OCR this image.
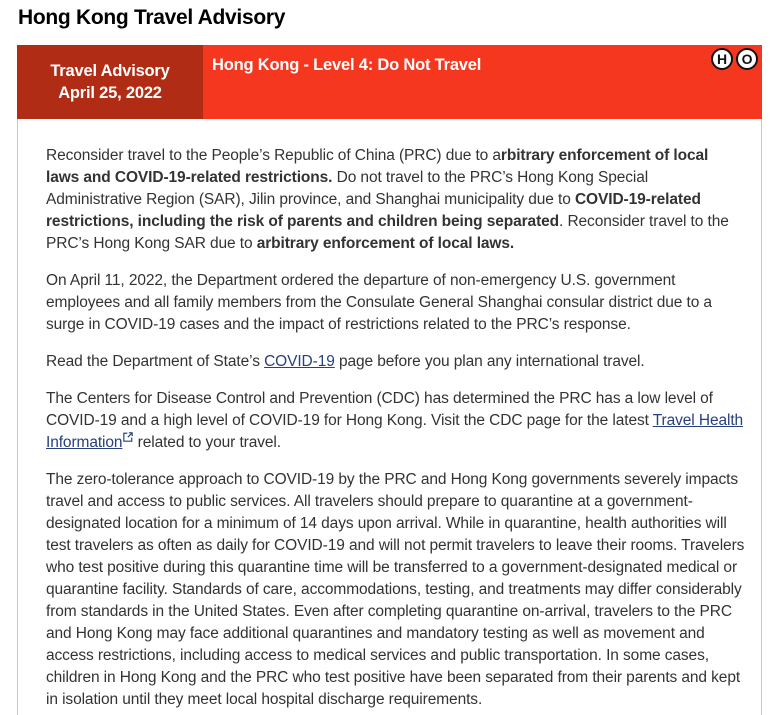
Hong Kong Travel Advisory
Travel Advisory
April 25, 2022
Hong Kong - Level 4: Do Not Travel	H	O

Reconsider travel to the People’s Republic of China (PRC) due to arbitrary enforcement of local laws and COVID-19-related restrictions. Do not travel to the PRC’s Hong Kong Special Administrative Region (SAR), Jilin province, and Shanghai municipality due to COVID-19-related restrictions, including the risk of parents and children being separated. Reconsider travel to the PRC’s Hong Kong SAR due to arbitrary enforcement of local laws.

On April 11, 2022, the Department ordered the departure of non-emergency U.S. government employees and all family members from the Consulate General Shanghai consular district due to a surge in COVID-19 cases and the impact of restrictions related to the PRC’s response.

Read the Department of State’s COVID-19 page before you plan any international travel.

The Centers for Disease Control and Prevention (CDC) has determined the PRC has a low level of COVID-19 and a high level of COVID-19 for Hong Kong. Visit the CDC page for the latest Travel Health Information related to your travel.

The zero-tolerance approach to COVID-19 by the PRC and Hong Kong governments severely impacts travel and access to public services. All travelers should prepare to quarantine at a government-designated location for a minimum of 14 days upon arrival. While in quarantine, health authorities will test travelers as often as daily for COVID-19 and will not permit travelers to leave their rooms. Travelers who test positive during this quarantine time will be transferred to a government-designated medical or quarantine facility. Standards of care, accommodations, testing, and treatments may differ considerably from standards in the United States. Even after completing quarantine on-arrival, travelers to the PRC and Hong Kong may face additional quarantines and mandatory testing as well as movement and access restrictions, including access to medical services and public transportation. In some cases, children in Hong Kong and the PRC who test positive have been separated from their parents and kept in isolation until they meet local hospital discharge requirements.
